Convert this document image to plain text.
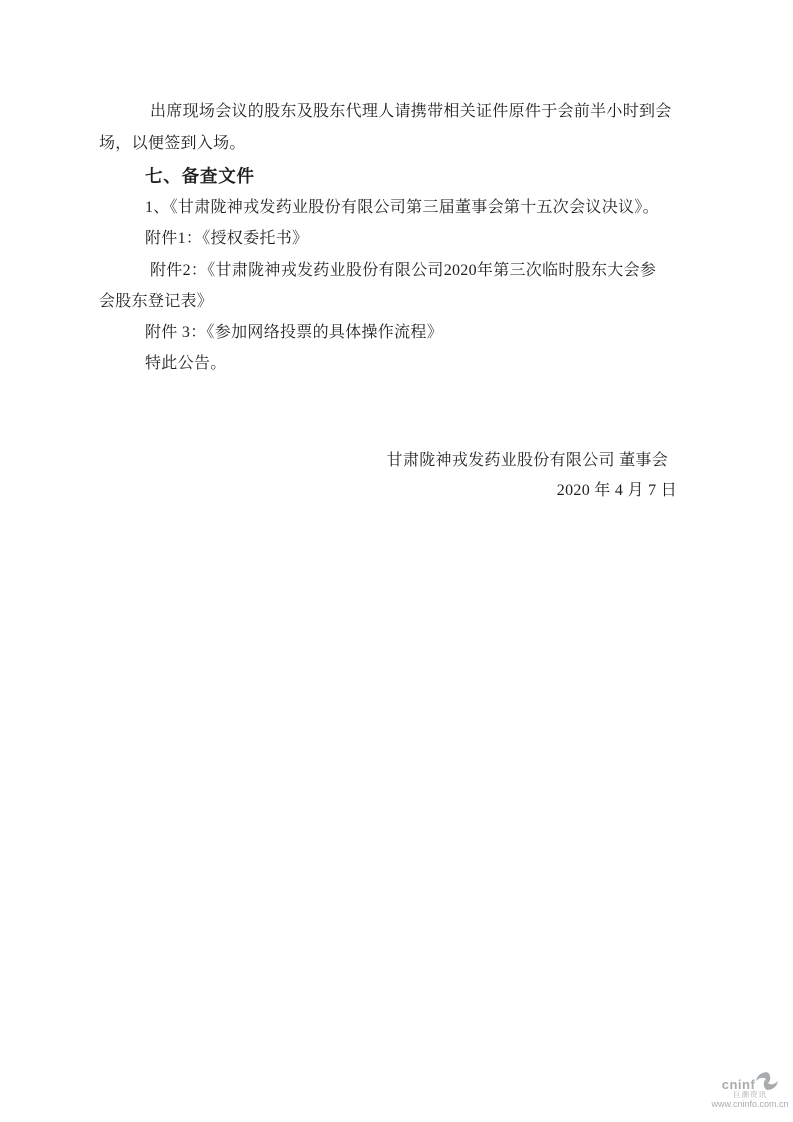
出席现场会议的股东及股东代理人请携带相关证件原件于会前半小时到会
场，以便签到入场。
七、备查文件
1、《甘肃陇神戎发药业股份有限公司第三届董事会第十五次会议决议》。
附件1：《授权委托书》
附件2：《甘肃陇神戎发药业股份有限公司2020年第三次临时股东大会参
会股东登记表》
附件 3：《参加网络投票的具体操作流程》
特此公告。
甘肃陇神戎发药业股份有限公司 董事会
2020 年 4 月 7 日
cninf
巨潮资讯
www.cninfo.com.cn
